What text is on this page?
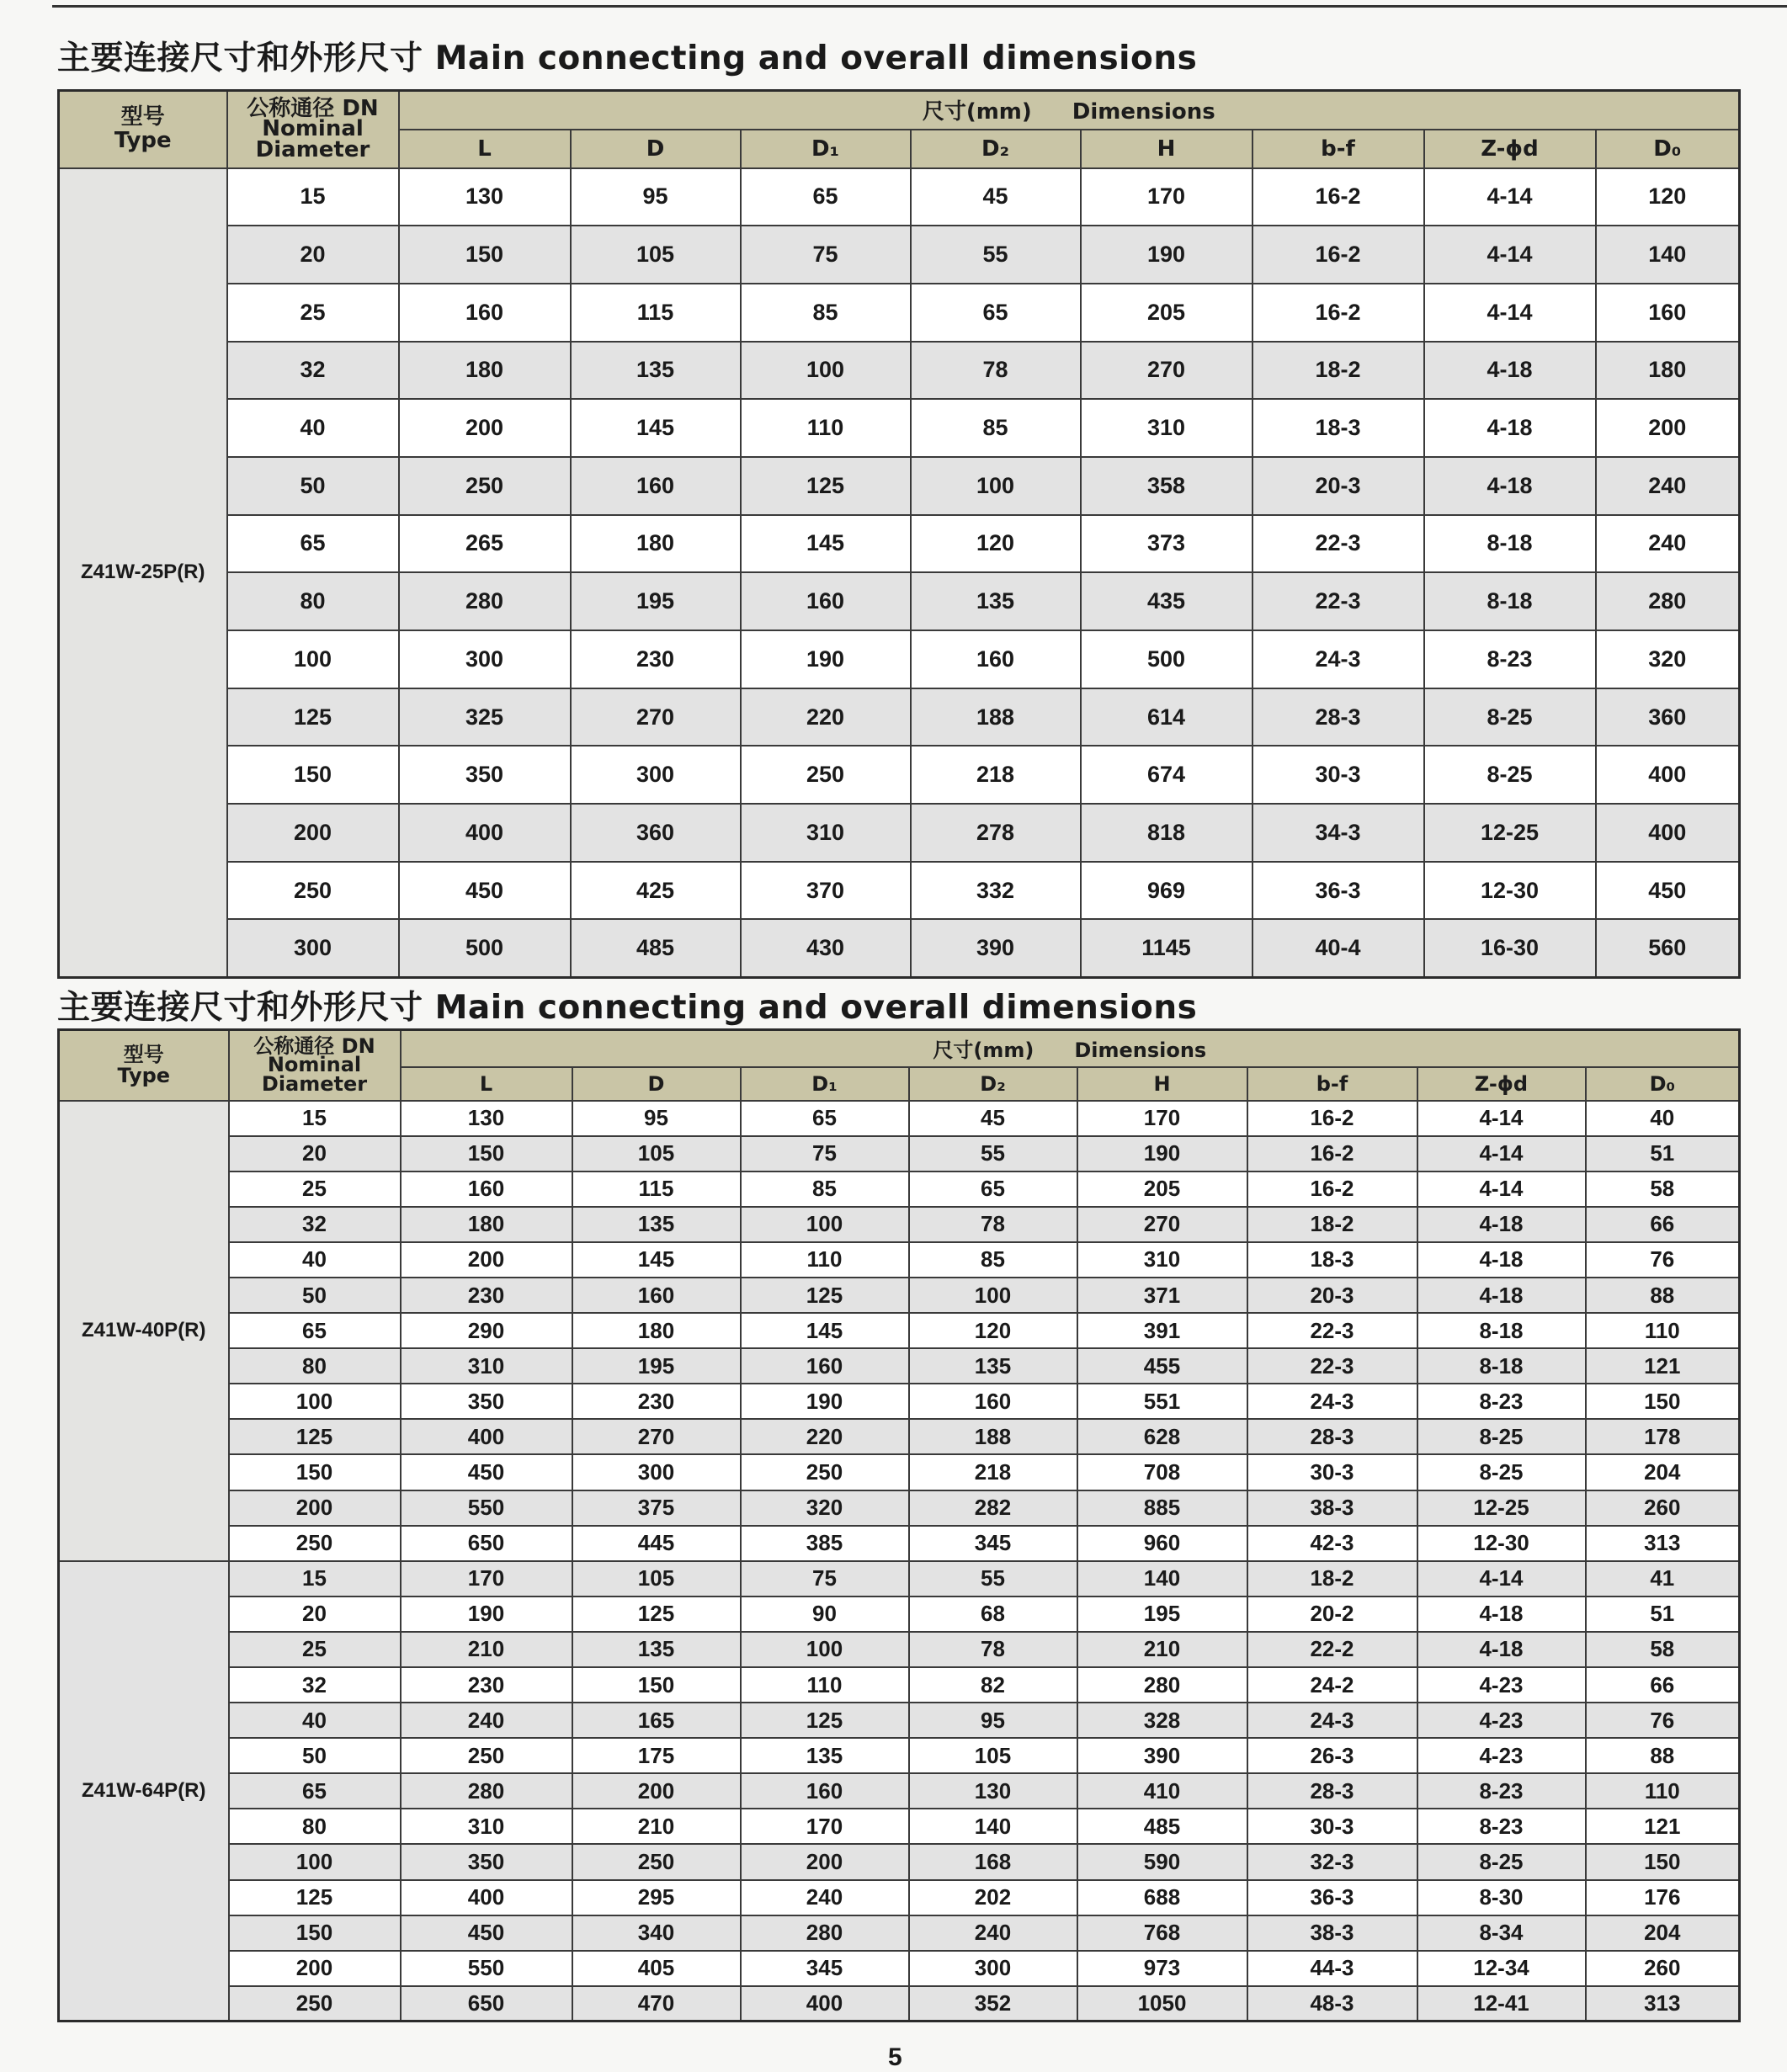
主要连接尺寸和外形尺寸 Main connecting and overall dimensions
型号
Type	公称通径 DN
Nominal
Diameter	尺寸(mm) Dimensions							
		L	D	D₁	D₂	H	b-f	Z-ϕd	D₀
Z41W-25P(R)	15	130	95	65	45	170	16-2	4-14	120
	20	150	105	75	55	190	16-2	4-14	140
	25	160	115	85	65	205	16-2	4-14	160
	32	180	135	100	78	270	18-2	4-18	180
	40	200	145	110	85	310	18-3	4-18	200
	50	250	160	125	100	358	20-3	4-18	240
	65	265	180	145	120	373	22-3	8-18	240
	80	280	195	160	135	435	22-3	8-18	280
	100	300	230	190	160	500	24-3	8-23	320
	125	325	270	220	188	614	28-3	8-25	360
	150	350	300	250	218	674	30-3	8-25	400
	200	400	360	310	278	818	34-3	12-25	400
	250	450	425	370	332	969	36-3	12-30	450
	300	500	485	430	390	1145	40-4	16-30	560
主要连接尺寸和外形尺寸 Main connecting and overall dimensions
型号
Type	公称通径 DN
Nominal
Diameter	尺寸(mm) Dimensions							
		L	D	D₁	D₂	H	b-f	Z-ϕd	D₀
Z41W-40P(R)	15	130	95	65	45	170	16-2	4-14	40
	20	150	105	75	55	190	16-2	4-14	51
	25	160	115	85	65	205	16-2	4-14	58
	32	180	135	100	78	270	18-2	4-18	66
	40	200	145	110	85	310	18-3	4-18	76
	50	230	160	125	100	371	20-3	4-18	88
	65	290	180	145	120	391	22-3	8-18	110
	80	310	195	160	135	455	22-3	8-18	121
	100	350	230	190	160	551	24-3	8-23	150
	125	400	270	220	188	628	28-3	8-25	178
	150	450	300	250	218	708	30-3	8-25	204
	200	550	375	320	282	885	38-3	12-25	260
	250	650	445	385	345	960	42-3	12-30	313
Z41W-64P(R)	15	170	105	75	55	140	18-2	4-14	41
	20	190	125	90	68	195	20-2	4-18	51
	25	210	135	100	78	210	22-2	4-18	58
	32	230	150	110	82	280	24-2	4-23	66
	40	240	165	125	95	328	24-3	4-23	76
	50	250	175	135	105	390	26-3	4-23	88
	65	280	200	160	130	410	28-3	8-23	110
	80	310	210	170	140	485	30-3	8-23	121
	100	350	250	200	168	590	32-3	8-25	150
	125	400	295	240	202	688	36-3	8-30	176
	150	450	340	280	240	768	38-3	8-34	204
	200	550	405	345	300	973	44-3	12-34	260
	250	650	470	400	352	1050	48-3	12-41	313
5
